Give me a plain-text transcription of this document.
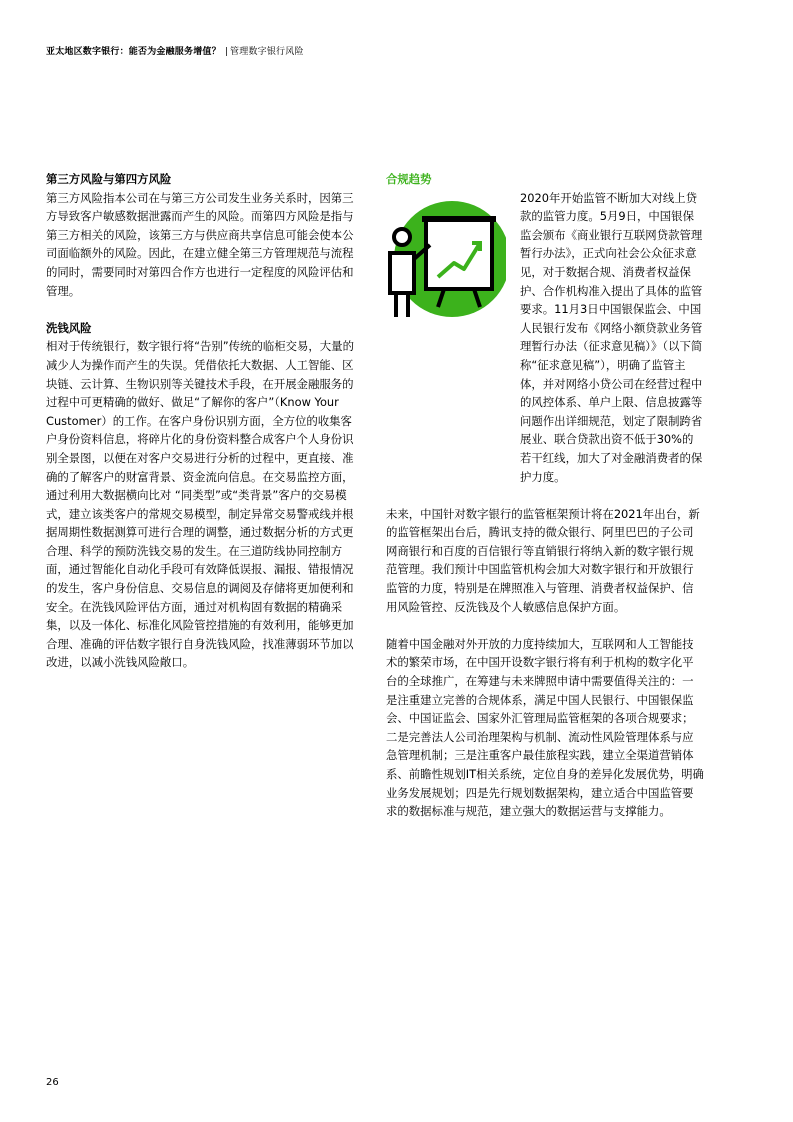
亚太地区数字银行：能否为金融服务增值？ | 管理数字银行风险
第三方风险与第四方风险

第三方风险指本公司在与第三方公司发生业务关系时，因第三方导致客户敏感数据泄露而产生的风险。而第四方风险是指与第三方相关的风险，该第三方与供应商共享信息可能会使本公司面临额外的风险。因此，在建立健全第三方管理规范与流程的同时，需要同时对第四合作方也进行一定程度的风险评估和管理。

洗钱风险

相对于传统银行，数字银行将“告别”传统的临柜交易，大量的减少人为操作而产生的失误。凭借依托大数据、人工智能、区块链、云计算、生物识别等关键技术手段，在开展金融服务的过程中可更精确的做好、做足“了解你的客户”（Know Your Customer）的工作。在客户身份识别方面，全方位的收集客户身份资料信息，将碎片化的身份资料整合成客户个人身份识别全景图，以便在对客户交易进行分析的过程中，更直接、准确的了解客户的财富背景、资金流向信息。在交易监控方面，通过利用大数据横向比对 “同类型”或“类背景”客户的交易模式，建立该类客户的常规交易模型，制定异常交易警戒线并根据周期性数据测算可进行合理的调整，通过数据分析的方式更合理、科学的预防洗钱交易的发生。在三道防线协同控制方面，通过智能化自动化手段可有效降低误报、漏报、错报情况的发生，客户身份信息、交易信息的调阅及存储将更加便利和安全。在洗钱风险评估方面，通过对机构固有数据的精确采集，以及一体化、标准化风险管控措施的有效利用，能够更加合理、准确的评估数字银行自身洗钱风险，找准薄弱环节加以改进，以减小洗钱风险敞口。

合规趋势

2020年开始监管不断加大对线上贷款的监管力度。5月9日，中国银保监会颁布《商业银行互联网贷款管理暂行办法》，正式向社会公众征求意见，对于数据合规、消费者权益保护、合作机构准入提出了具体的监管要求。11月3日中国银保监会、中国人民银行发布《网络小额贷款业务管理暂行办法（征求意见稿）》（以下简称“征求意见稿”），明确了监管主体，并对网络小贷公司在经营过程中的风控体系、单户上限、信息披露等问题作出详细规范，划定了限制跨省展业、联合贷款出资不低于30%的若干红线，加大了对金融消费者的保护力度。

未来，中国针对数字银行的监管框架预计将在2021年出台，新的监管框架出台后，腾讯支持的微众银行、阿里巴巴的子公司网商银行和百度的百信银行等直销银行将纳入新的数字银行规范管理。我们预计中国监管机构会加大对数字银行和开放银行监管的力度，特别是在牌照准入与管理、消费者权益保护、信用风险管控、反洗钱及个人敏感信息保护方面。

随着中国金融对外开放的力度持续加大，互联网和人工智能技术的繁荣市场，在中国开设数字银行将有利于机构的数字化平台的全球推广，在筹建与未来牌照申请中需要值得关注的：一是注重建立完善的合规体系，满足中国人民银行、中国银保监会、中国证监会、国家外汇管理局监管框架的各项合规要求；二是完善法人公司治理架构与机制、流动性风险管理体系与应急管理机制；三是注重客户最佳旅程实践，建立全渠道营销体系、前瞻性规划IT相关系统，定位自身的差异化发展优势，明确业务发展规划；四是先行规划数据架构，建立适合中国监管要求的数据标准与规范，建立强大的数据运营与支撑能力。

26
